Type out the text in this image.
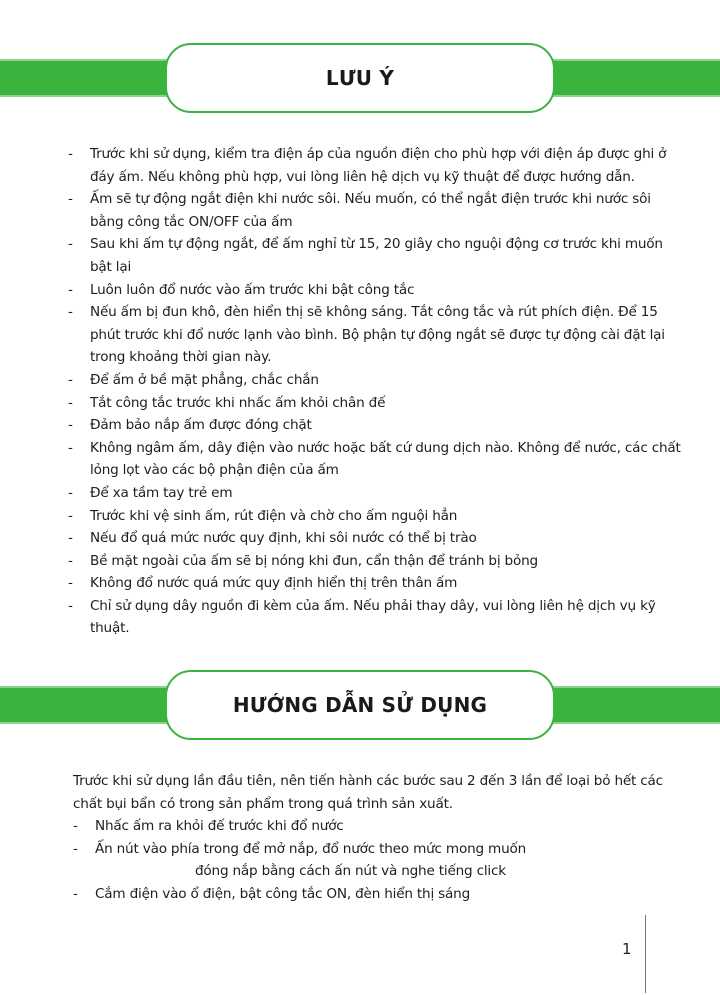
LƯU Ý
- Trước khi sử dụng, kiểm tra điện áp của nguồn điện cho phù hợp với điện áp được ghi ở đáy ấm. Nếu không phù hợp, vui lòng liên hệ dịch vụ kỹ thuật để được hướng dẫn.
- Ấm sẽ tự động ngắt điện khi nước sôi. Nếu muốn, có thể ngắt điện trước khi nước sôi bằng công tắc ON/OFF của ấm
- Sau khi ấm tự động ngắt, để ấm nghỉ từ 15, 20 giây cho nguội động cơ trước khi muốn bật lại
- Luôn luôn đổ nước vào ấm trước khi bật công tắc
- Nếu ấm bị đun khô, đèn hiển thị sẽ không sáng. Tắt công tắc và rút phích điện. Để 15 phút trước khi đổ nước lạnh vào bình. Bộ phận tự động ngắt sẽ được tự động cài đặt lại trong khoảng thời gian này.
- Để ấm ở bề mặt phẳng, chắc chắn
- Tắt công tắc trước khi nhấc ấm khỏi chân đế
- Đảm bảo nắp ấm được đóng chặt
- Không ngâm ấm, dây điện vào nước hoặc bất cứ dung dịch nào. Không để nước, các chất lỏng lọt vào các bộ phận điện của ấm
- Để xa tầm tay trẻ em
- Trước khi vệ sinh ấm, rút điện và chờ cho ấm nguội hẳn
- Nếu đổ quá mức nước quy định, khi sôi nước có thể bị trào
- Bề mặt ngoài của ấm sẽ bị nóng khi đun, cẩn thận để tránh bị bỏng
- Không đổ nước quá mức quy định hiển thị trên thân ấm
- Chỉ sử dụng dây nguồn đi kèm của ấm. Nếu phải thay dây, vui lòng liên hệ dịch vụ kỹ thuật.
HƯỚNG DẪN SỬ DỤNG

Trước khi sử dụng lần đầu tiên, nên tiến hành các bước sau 2 đến 3 lần để loại bỏ hết các chất bụi bẩn có trong sản phẩm trong quá trình sản xuất.

- Nhấc ấm ra khỏi đế trước khi đổ nước
- Ấn nút vào phía trong để mở nắp, đổ nước theo mức mong muốn
đóng nắp bằng cách ấn nút và nghe tiếng click
- Cắm điện vào ổ điện, bật công tắc ON, đèn hiển thị sáng
1
